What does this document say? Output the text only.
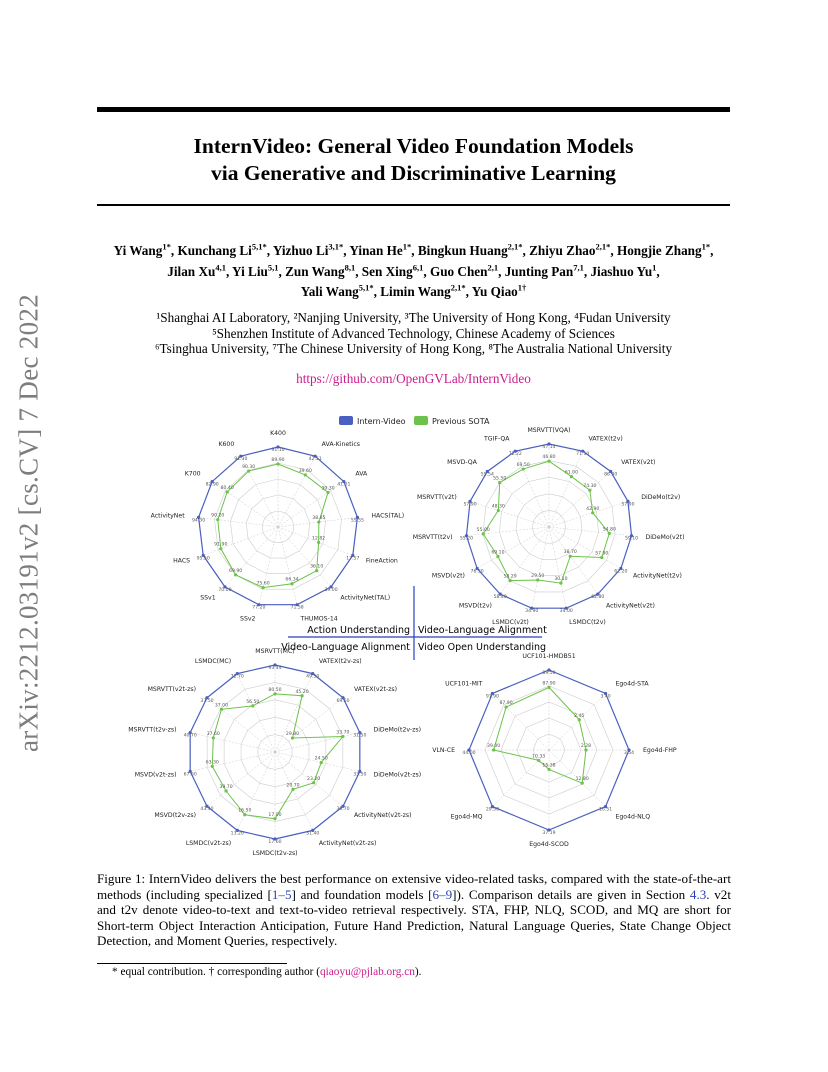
InternVideo: General Video Foundation Models
via Generative and Discriminative Learning
Yi Wang$^{1*}$, Kunchang $Li^{5,1*}$, Yizhuo $Li^{3,1*}$, Yinan $He^{1*}$, Bingkun Huang$^{2,1*}$, Zhiyu Zhao$^{2,1*}$, Hongjie Zhang$^{1*}$,
Jilan Xu$^{4,1}$, Yi Liu$^{5,1}$, Zun Wang$^{8,1}$, Sen Xing$^{6,1}$, Guo Chen$^{2,1}$, Junting Pan$^{7,1}$, Jiashuo Yu$^1$,
Yali Wang$^{5,1*}$, Limin Wang$^{2,1*}$, Yu Qiao$^{1\dagger}$
¹Shanghai AI Laboratory, ²Nanjing University, ³The University of Hong Kong, ⁴Fudan University
⁵Shenzhen Institute of Advanced Technology, Chinese Academy of Sciences
⁶Tsinghua University, ⁷The Chinese University of Hong Kong, ⁸The Australia National University
https://github.com/OpenGVLab/InternVideo
arXiv:2212.03191v2 [cs.CV] 7 Dec 2022	Intern-Video	Previous SOTA
91.10
42.51
41.01
55.55
17.57
39.00
71.58
77.20
70.00
95.50
94.30
82.90
91.30	89.90
39.60
39.30
38.85
12.82
36.10
66.34
75.60
69.90
91.90
90.20
80.40
90.30
K400
AVA-Kinetics
AVA
HACS(TAL)
FineAction
ActivityNet(TAL)
THUMOS-14
SSv2
SSv1
HACS
ActivityNet
K700
K600	47.14
71.10
86.90
57.90
59.10
62.20
62.80
34.00
34.90
58.40
76.30
55.20
57.90
55.54
72.22
46.80
61.00
74.30
42.90
54.80
57.90
38.70
30.10
29.50
58.29
69.10
55.00
48.30
55.50
69.50
MSRVTT(VQA)
VATEX(t2v)
VATEX(v2t)
DiDeMo(t2v)
DiDeMo(v2t)
ActivityNet(t2v)
ActivityNet(v2t)
LSMDC(t2v)
LSMDC(v2t)
MSVD(t2v)
MSVD(v2t)
MSRVTT(t2v)
MSRVTT(v2t)
MSVD-QA
TGIF-QA
93.44
49.50
69.50
31.50
33.50
30.70
31.40
17.60
13.20
43.40
67.60
40.70
37.50
72.70
80.50	45.20
29.80	33.70
24.50
23.20
20.70
17.00
16.50
39.70
63.30
37.60
37.00
56.50
MSRVTT(MC)
VATEX(t2v-zs)
VATEX(v2t-zs)
DiDeMo(t2v-zs)
DiDeMo(v2t-zs)
ActivityNet(v2t-zs)
ActivityNet(v2t-zs)
LSMDC(t2v-zs)
LSMDC(v2t-zs)
MSVD(t2v-zs)
MSVD(v2t-zs)
MSRVTT(t2v-zs)
MSRVTT(v2t-zs)
LSMDC(MC)
89.50
3.40
3.54
16.51
37.19
29.50
44.00
91.90
87.90
2.45
2.28
12.80
15.38
10.33
39.00
87.90
UCF101-HMDB51
Ego4d-STA
Ego4d-FHP
Ego4d-NLQ
Ego4d-SCOD
Ego4d-MQ
VLN-CE
UCF101-MIT
Action Understanding Video-Language Alignment
Video-Language Alignment Video Open Understanding
Figure 1: InternVideo delivers the best performance on extensive video-related tasks, compared with the state-of-the-art methods (including specialized [1–5] and foundation models [6–9]). Comparison details are given in Section 4.3. v2t and t2v denote video-to-text and text-to-video retrieval respectively. STA, FHP, NLQ, SCOD, and MQ are short for Short-term Object Interaction Anticipation, Future Hand Prediction, Natural Language Queries, State Change Object Detection, and Moment Queries, respectively.
* equal contribution. † corresponding author (qiaoyu@pjlab.org.cn).
